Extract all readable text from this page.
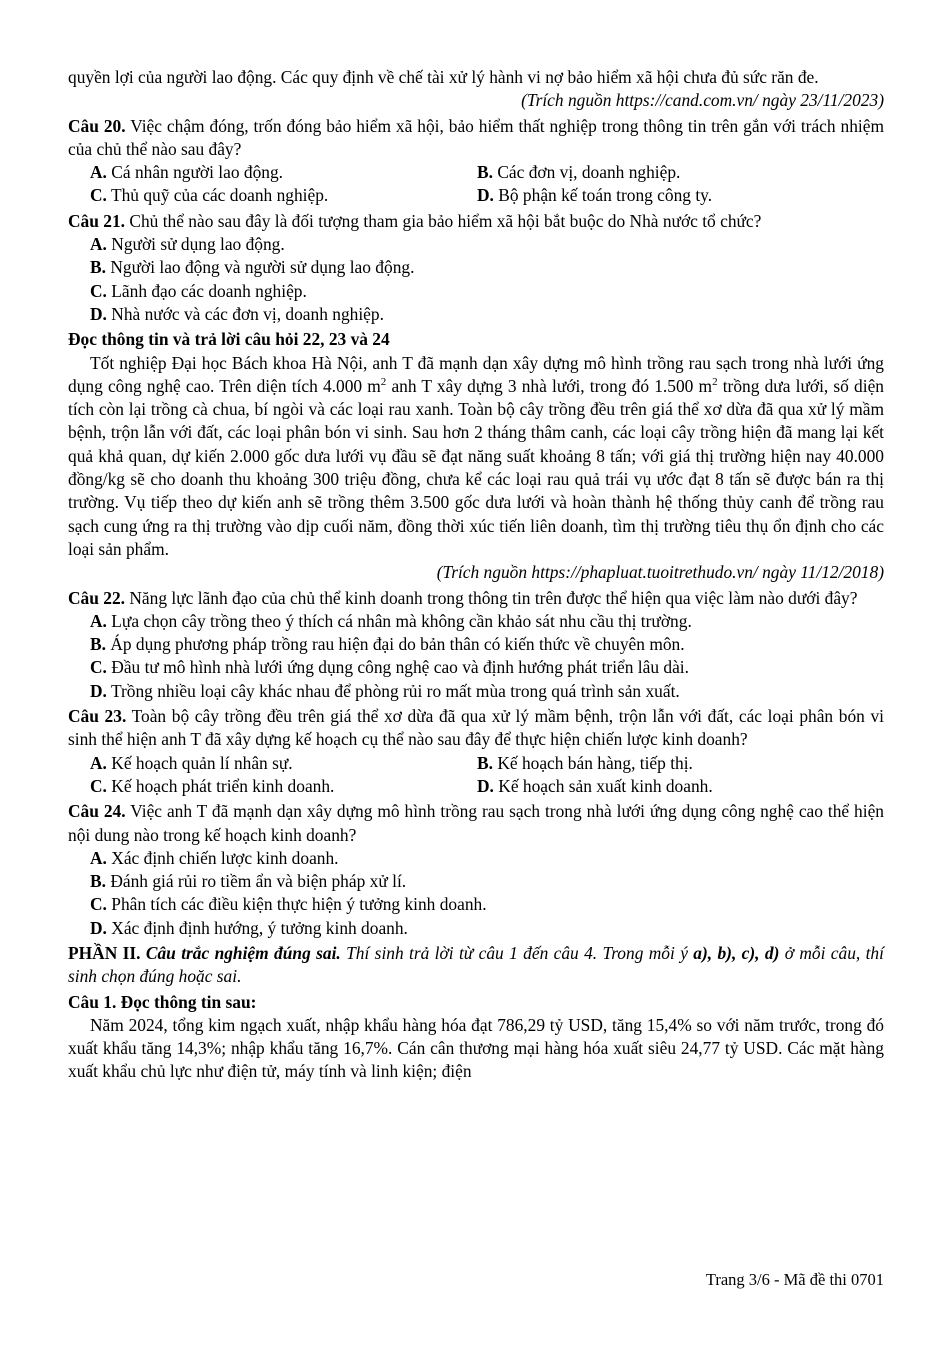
quyền lợi của người lao động. Các quy định về chế tài xử lý hành vi nợ bảo hiểm xã hội chưa đủ sức răn đe.

(Trích nguồn https://cand.com.vn/ ngày 23/11/2023)

Câu 20. Việc chậm đóng, trốn đóng bảo hiểm xã hội, bảo hiểm thất nghiệp trong thông tin trên gắn với trách nhiệm của chủ thể nào sau đây?

A. Cá nhân người lao động.	B. Các đơn vị, doanh nghiệp.
C. Thủ quỹ của các doanh nghiệp.	D. Bộ phận kế toán trong công ty.

Câu 21. Chủ thể nào sau đây là đối tượng tham gia bảo hiểm xã hội bắt buộc do Nhà nước tổ chức?

A. Người sử dụng lao động.
B. Người lao động và người sử dụng lao động.
C. Lãnh đạo các doanh nghiệp.
D. Nhà nước và các đơn vị, doanh nghiệp.

Đọc thông tin và trả lời câu hỏi 22, 23 và 24

Tốt nghiệp Đại học Bách khoa Hà Nội, anh T đã mạnh dạn xây dựng mô hình trồng rau sạch trong nhà lưới ứng dụng công nghệ cao. Trên diện tích 4.000 $m^2$ anh T xây dựng 3 nhà lưới, trong đó 1.500 $m^2$ trồng dưa lưới, số diện tích còn lại trồng cà chua, bí ngòi và các loại rau xanh. Toàn bộ cây trồng đều trên giá thể xơ dừa đã qua xử lý mầm bệnh, trộn lẫn với đất, các loại phân bón vi sinh. Sau hơn 2 tháng thâm canh, các loại cây trồng hiện đã mang lại kết quả khả quan, dự kiến 2.000 gốc dưa lưới vụ đầu sẽ đạt năng suất khoảng 8 tấn; với giá thị trường hiện nay 40.000 đồng/kg sẽ cho doanh thu khoảng 300 triệu đồng, chưa kể các loại rau quả trái vụ ước đạt 8 tấn sẽ được bán ra thị trường. Vụ tiếp theo dự kiến anh sẽ trồng thêm 3.500 gốc dưa lưới và hoàn thành hệ thống thủy canh để trồng rau sạch cung ứng ra thị trường vào dịp cuối năm, đồng thời xúc tiến liên doanh, tìm thị trường tiêu thụ ổn định cho các loại sản phẩm.

(Trích nguồn https://phapluat.tuoitrethudo.vn/ ngày 11/12/2018)

Câu 22. Năng lực lãnh đạo của chủ thể kinh doanh trong thông tin trên được thể hiện qua việc làm nào dưới đây?

A. Lựa chọn cây trồng theo ý thích cá nhân mà không cần khảo sát nhu cầu thị trường.
B. Áp dụng phương pháp trồng rau hiện đại do bản thân có kiến thức về chuyên môn.
C. Đầu tư mô hình nhà lưới ứng dụng công nghệ cao và định hướng phát triển lâu dài.
D. Trồng nhiều loại cây khác nhau để phòng rủi ro mất mùa trong quá trình sản xuất.

Câu 23. Toàn bộ cây trồng đều trên giá thể xơ dừa đã qua xử lý mầm bệnh, trộn lẫn với đất, các loại phân bón vi sinh thể hiện anh T đã xây dựng kế hoạch cụ thể nào sau đây để thực hiện chiến lược kinh doanh?

A. Kế hoạch quản lí nhân sự.	B. Kế hoạch bán hàng, tiếp thị.
C. Kế hoạch phát triển kinh doanh.	D. Kế hoạch sản xuất kinh doanh.

Câu 24. Việc anh T đã mạnh dạn xây dựng mô hình trồng rau sạch trong nhà lưới ứng dụng công nghệ cao thể hiện nội dung nào trong kế hoạch kinh doanh?

A. Xác định chiến lược kinh doanh.
B. Đánh giá rủi ro tiềm ẩn và biện pháp xử lí.
C. Phân tích các điều kiện thực hiện ý tưởng kinh doanh.
D. Xác định định hướng, ý tưởng kinh doanh.

PHẦN II. Câu trắc nghiệm đúng sai. Thí sinh trả lời từ câu 1 đến câu 4. Trong mỗi ý a), b), c), d) ở mỗi câu, thí sinh chọn đúng hoặc sai.

Câu 1. Đọc thông tin sau:

Năm 2024, tổng kim ngạch xuất, nhập khẩu hàng hóa đạt 786,29 tỷ USD, tăng 15,4% so với năm trước, trong đó xuất khẩu tăng 14,3%; nhập khẩu tăng 16,7%. Cán cân thương mại hàng hóa xuất siêu 24,77 tỷ USD. Các mặt hàng xuất khẩu chủ lực như điện tử, máy tính và linh kiện; điện

Trang 3/6 - Mã đề thi 0701
